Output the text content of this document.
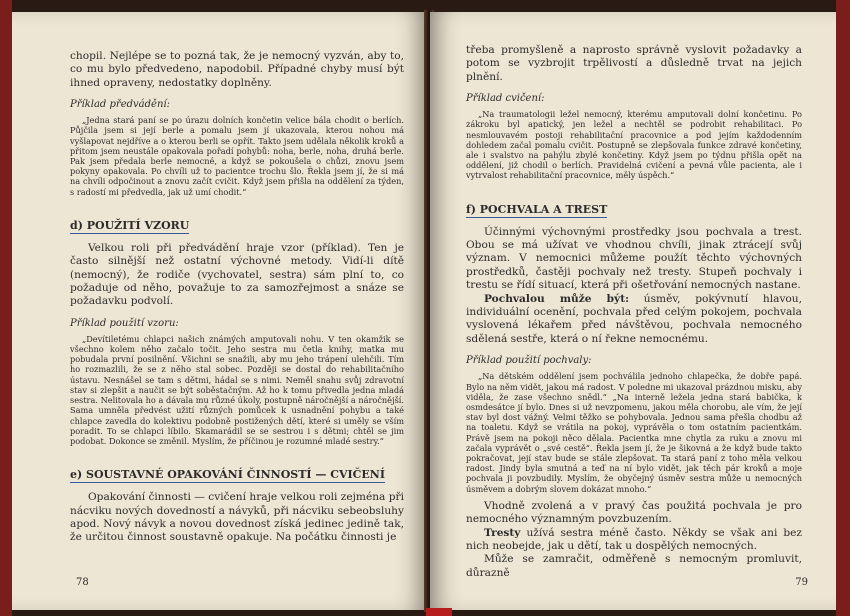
chopil. Nejlépe se to pozná tak, že je nemocný vyzván, aby to, co mu bylo předvedeno, napodobil. Případné chyby musí být ihned opraveny, nedostatky doplněny.

Příklad předvádění:

„Jedna stará paní se po úrazu dolních končetin velice bála chodit o berlích. Půjčila jsem si její berle a pomalu jsem jí ukazovala, kterou nohou má vyšlapovat nejdříve a o kterou berli se opřít. Takto jsem udělala několik kroků a přitom jsem neustále opakovala pořadí pohybů: noha, berle, noha, druhá berle. Pak jsem předala berle nemocné, a když se pokoušela o chůzi, znovu jsem pokyny opakovala. Po chvíli už to pacientce trochu šlo. Řekla jsem jí, že si má na chvíli odpočinout a znovu začít cvičit. Když jsem přišla na oddělení za týden, s radostí mi předvedla, jak už umí chodit.“

d) POUŽITÍ VZORU

Velkou roli při předvádění hraje vzor (příklad). Ten je často silnější než ostatní výchovné metody. Vidí-li dítě (nemocný), že rodiče (vychovatel, sestra) sám plní to, co požaduje od něho, považuje to za samozřejmost a snáze se požadavku podvolí.

Příklad použití vzoru:

„Devítiletému chlapci našich známých amputovali nohu. V ten okamžik se všechno kolem něho začalo točit. Jeho sestra mu četla knihy, matka mu pobudala první posilnění. Všichni se snažili, aby mu jeho trápení ulehčili. Tím ho rozmazlili, že se z něho stal sobec. Později se dostal do rehabilitačního ústavu. Nesnášel se tam s dětmi, hádal se s nimi. Neměl snahu svůj zdravotní stav si zlepšit a naučit se být soběstačným. Až ho k tomu přivedla jedna mladá sestra. Nelitovala ho a dávala mu různé úkoly, postupně náročnější a náročnější. Sama umněla předvést užití různých pomůcek k usnadnění pohybu a také chlapce zavedla do kolektivu podobně postižených dětí, které si uměly se vším poradit. To se chlapci líbilo. Skamarádil se se sestrou i s dětmi; chtěl se jim podobat. Dokonce se změnil. Myslím, že příčinou je rozumné mladé sestry.“

e) SOUSTAVNÉ OPAKOVÁNÍ ČINNOSTÍ — CVIČENÍ

Opakování činnosti — cvičení hraje velkou roli zejména při nácviku nových dovedností a návyků, při nácviku sebeobsluhy apod. Nový návyk a novou dovednost získá jedinec jedině tak, že určitou činnost soustavně opakuje. Na počátku činnosti je

78

třeba promyšleně a naprosto správně vyslovit požadavky a potom se vyzbrojit trpělivostí a důsledně trvat na jejich plnění.

Příklad cvičení:

„Na traumatologii ležel nemocný, kterému amputovali dolní končetinu. Po zákroku byl apatický, jen ležel a nechtěl se podrobit rehabilitaci. Po nesmlouvavém postoji rehabilitační pracovnice a pod jejím každodenním dohledem začal pomalu cvičit. Postupně se zlepšovala funkce zdravé končetiny, ale i svalstvo na pahýlu zbylé končetiny. Když jsem po týdnu přišla opět na oddělení, již chodil o berlích. Pravidelná cvičení a pevná vůle pacienta, ale i vytrvalost rehabilitační pracovnice, měly úspěch.“

f) POCHVALA A TREST

Účinnými výchovnými prostředky jsou pochvala a trest. Obou se má užívat ve vhodnou chvíli, jinak ztrácejí svůj význam. V nemocnici můžeme použít těchto výchovných prostředků, častěji pochvaly než tresty. Stupeň pochvaly i trestu se řídí situací, která při ošetřování nemocných nastane.

Pochvalou může být: úsměv, pokývnutí hlavou, individuální ocenění, pochvala před celým pokojem, pochvala vyslovená lékařem před návštěvou, pochvala nemocného sdělená sestře, která o ní řekne nemocnému.

Příklad použití pochvaly:

„Na dětském oddělení jsem pochválila jednoho chlapečka, že dobře papá. Bylo na něm vidět, jakou má radost. V poledne mi ukazoval prázdnou misku, aby viděla, že zase všechno snědl.“ „Na interně ležela jedna stará babička, k osmdesátce jí bylo. Dnes si už nevzpomenu, jakou měla chorobu, ale vím, že její stav byl dost vážný. Velmi těžko se pohybovala. Jednou sama přešla chodbu až na toaletu. Když se vrátila na pokoj, vyprávěla o tom ostatním pacientkám. Právě jsem na pokoji něco dělala. Pacientka mne chytla za ruku a znovu mi začala vyprávět o „své cestě“. Řekla jsem jí, že je šikovná a že když bude takto pokračovat, její stav bude se stále zlepšovat. Ta stará paní z toho měla velkou radost. Jindy byla smutná a teď na ní bylo vidět, jak těch pár kroků a moje pochvala ji povzbudily. Myslím, že obyčejný úsměv sestra může u nemocných úsměvem a dobrým slovem dokázat mnoho.“

Vhodně zvolená a v pravý čas použitá pochvala je pro nemocného významným povzbuzením.

Tresty užívá sestra méně často. Někdy se však ani bez nich neobejde, jak u dětí, tak u dospělých nemocných.

Může se zamračit, odměřeně s nemocným promluvit, důrazně

79
